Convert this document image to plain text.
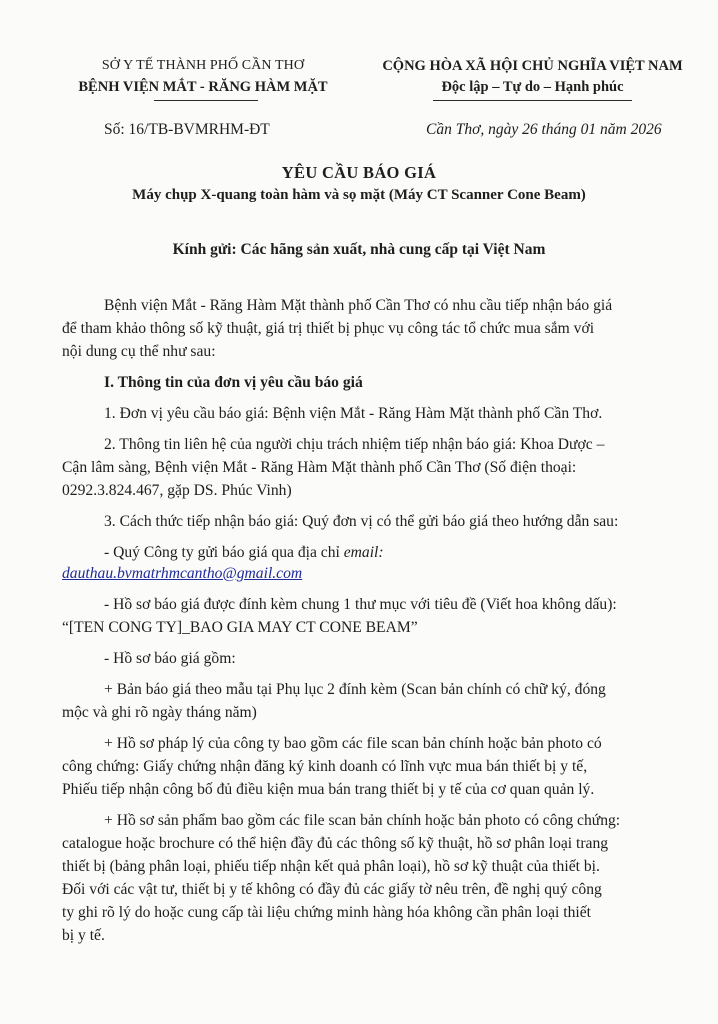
SỞ Y TẾ THÀNH PHỐ CẦN THƠ
BỆNH VIỆN MẮT - RĂNG HÀM MẶT
CỘNG HÒA XÃ HỘI CHỦ NGHĨA VIỆT NAM
Độc lập – Tự do – Hạnh phúc
Số: 16/TB-BVMRHM-ĐT	Cần Thơ, ngày 26 tháng 01 năm 2026
YÊU CẦU BÁO GIÁ
Máy chụp X-quang toàn hàm và sọ mặt (Máy CT Scanner Cone Beam)
Kính gửi: Các hãng sản xuất, nhà cung cấp tại Việt Nam
Bệnh viện Mắt - Răng Hàm Mặt thành phố Cần Thơ có nhu cầu tiếp nhận báo giá
để tham khảo thông số kỹ thuật, giá trị thiết bị phục vụ công tác tổ chức mua sắm với
nội dung cụ thể như sau:
I. Thông tin của đơn vị yêu cầu báo giá
1. Đơn vị yêu cầu báo giá: Bệnh viện Mắt - Răng Hàm Mặt thành phố Cần Thơ.
2. Thông tin liên hệ của người chịu trách nhiệm tiếp nhận báo giá: Khoa Dược –
Cận lâm sàng, Bệnh viện Mắt - Răng Hàm Mặt thành phố Cần Thơ (Số điện thoại:
0292.3.824.467, gặp DS. Phúc Vinh)
3. Cách thức tiếp nhận báo giá: Quý đơn vị có thể gửi báo giá theo hướng dẫn sau:
- Quý Công ty gửi báo giá qua địa chỉ email:
dauthau.bvmatrhmcantho@gmail.com
- Hồ sơ báo giá được đính kèm chung 1 thư mục với tiêu đề (Viết hoa không dấu):
“[TEN CONG TY]_BAO GIA MAY CT CONE BEAM”
- Hồ sơ báo giá gồm:
+ Bản báo giá theo mẫu tại Phụ lục 2 đính kèm (Scan bản chính có chữ ký, đóng
mộc và ghi rõ ngày tháng năm)
+ Hồ sơ pháp lý của công ty bao gồm các file scan bản chính hoặc bản photo có
công chứng: Giấy chứng nhận đăng ký kinh doanh có lĩnh vực mua bán thiết bị y tế,
Phiếu tiếp nhận công bố đủ điều kiện mua bán trang thiết bị y tế của cơ quan quản lý.
+ Hồ sơ sản phẩm bao gồm các file scan bản chính hoặc bản photo có công chứng:
catalogue hoặc brochure có thể hiện đầy đủ các thông số kỹ thuật, hồ sơ phân loại trang
thiết bị (bảng phân loại, phiếu tiếp nhận kết quả phân loại), hồ sơ kỹ thuật của thiết bị.
Đối với các vật tư, thiết bị y tế không có đầy đủ các giấy tờ nêu trên, đề nghị quý công
ty ghi rõ lý do hoặc cung cấp tài liệu chứng minh hàng hóa không cần phân loại thiết
bị y tế.
